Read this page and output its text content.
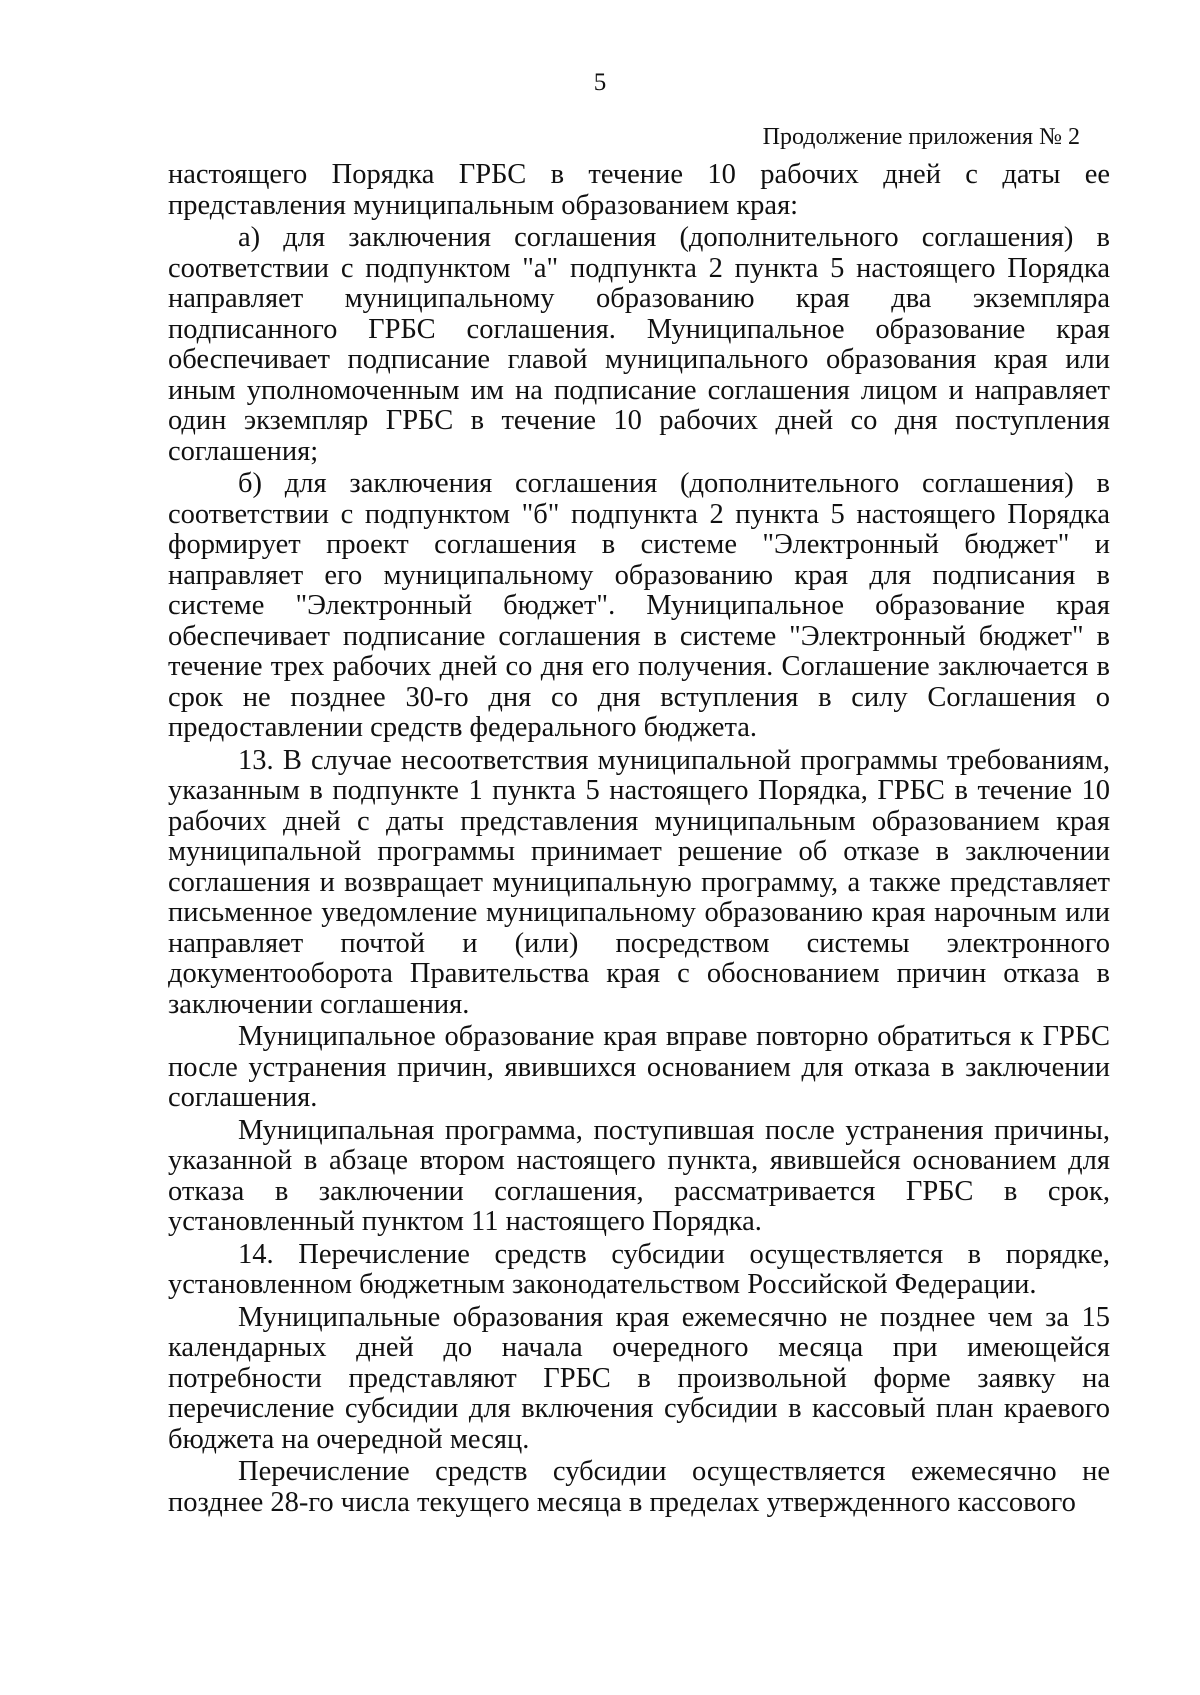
5
Продолжение приложения № 2

настоящего Порядка ГРБС в течение 10 рабочих дней с даты ее представления муниципальным образованием края:

а) для заключения соглашения (дополнительного соглашения) в соответствии с подпунктом "а" подпункта 2 пункта 5 настоящего Порядка направляет муниципальному образованию края два экземпляра подписанного ГРБС соглашения. Муниципальное образование края обеспечивает подписание главой муниципального образования края или иным уполномоченным им на подписание соглашения лицом и направляет один экземпляр ГРБС в течение 10 рабочих дней со дня поступления соглашения;

б) для заключения соглашения (дополнительного соглашения) в соответствии с подпунктом "б" подпункта 2 пункта 5 настоящего Порядка формирует проект соглашения в системе "Электронный бюджет" и направляет его муниципальному образованию края для подписания в системе "Электронный бюджет". Муниципальное образование края обеспечивает подписание соглашения в системе "Электронный бюджет" в течение трех рабочих дней со дня его получения. Соглашение заключается в срок не позднее 30-го дня со дня вступления в силу Соглашения о предоставлении средств федерального бюджета.

13. В случае несоответствия муниципальной программы требованиям, указанным в подпункте 1 пункта 5 настоящего Порядка, ГРБС в течение 10 рабочих дней с даты представления муниципальным образованием края муниципальной программы принимает решение об отказе в заключении соглашения и возвращает муниципальную программу, а также представляет письменное уведомление муниципальному образованию края нарочным или направляет почтой и (или) посредством системы электронного документооборота Правительства края с обоснованием причин отказа в заключении соглашения.

Муниципальное образование края вправе повторно обратиться к ГРБС после устранения причин, явившихся основанием для отказа в заключении соглашения.

Муниципальная программа, поступившая после устранения причины, указанной в абзаце втором настоящего пункта, явившейся основанием для отказа в заключении соглашения, рассматривается ГРБС в срок, установленный пунктом 11 настоящего Порядка.

14. Перечисление средств субсидии осуществляется в порядке, установленном бюджетным законодательством Российской Федерации.

Муниципальные образования края ежемесячно не позднее чем за 15 календарных дней до начала очередного месяца при имеющейся потребности представляют ГРБС в произвольной форме заявку на перечисление субсидии для включения субсидии в кассовый план краевого бюджета на очередной месяц.

Перечисление средств субсидии осуществляется ежемесячно не позднее 28-го числа текущего месяца в пределах утвержденного кассового
